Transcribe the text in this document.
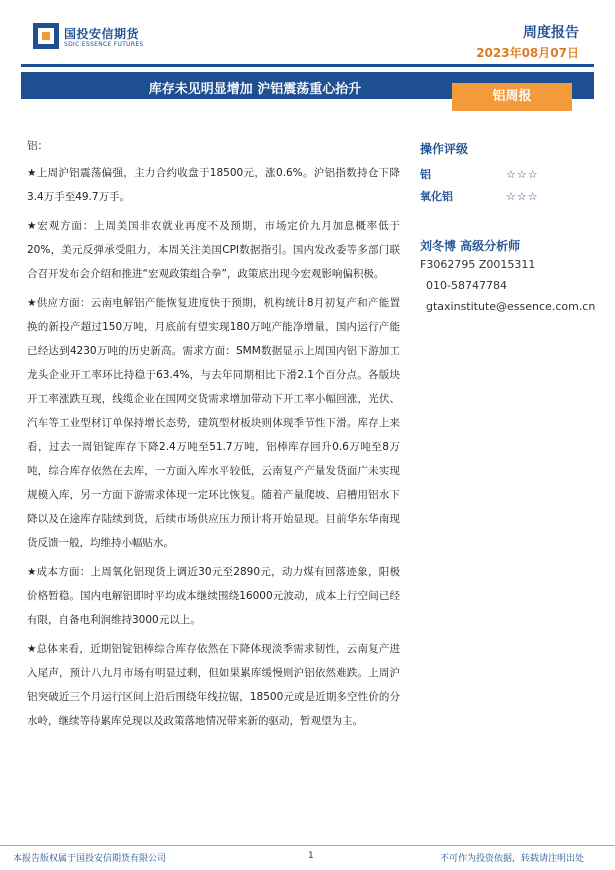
国投安信期货
SDIC ESSENCE FUTURES
周度报告
2023年08月07日
库存未见明显增加 沪铝震荡重心抬升	铝周报

铝：

★上周沪铝震荡偏强，主力合约收盘于18500元，涨0.6%。沪铝指数持仓下降3.4万手至49.7万手。

★宏观方面：上周美国非农就业再度不及预期，市场定价九月加息概率低于20%，美元反弹承受阻力，本周关注美国CPI数据指引。国内发改委等多部门联合召开发布会介绍和推进“宏观政策组合拳”，政策底出现今宏观影响偏积极。

★供应方面：云南电解铝产能恢复进度快于预期，机构统计8月初复产和产能置换的新投产超过150万吨，月底前有望实现180万吨产能净增量，国内运行产能已经达到4230万吨的历史新高。需求方面：SMM数据显示上周国内铝下游加工龙头企业开工率环比持稳于63.4%，与去年同期相比下滑2.1个百分点。各版块开工率涨跌互现，线缆企业在国网交货需求增加带动下开工率小幅回涨，光伏、汽车等工业型材订单保持增长态势，建筑型材板块则体现季节性下滑。库存上来看，过去一周铝锭库存下降2.4万吨至51.7万吨，铝棒库存回升0.6万吨至8万吨，综合库存依然在去库，一方面入库水平较低，云南复产产量发货面广未实现规模入库，另一方面下游需求体现一定环比恢复。随着产量爬坡、启槽用铝水下降以及在途库存陆续到货，后续市场供应压力预计将开始显现。目前华东华南现货反馈一般，均维持小幅贴水。

★成本方面：上周氧化铝现货上调近30元至2890元，动力煤有回落迹象，阳极价格暂稳。国内电解铝即时平均成本继续围绕16000元波动，成本上行空间已经有限，自备电利润维持3000元以上。

★总体来看，近期铝锭铝棒综合库存依然在下降体现淡季需求韧性，云南复产进入尾声，预计八九月市场有明显过剩，但如果累库缓慢则沪铝依然难跌。上周沪铝突破近三个月运行区间上沿后围绕年线拉锯，18500元或是近期多空性价的分水岭，继续等待累库兑现以及政策落地情况带来新的驱动，暂观望为主。

操作评级
铝	☆☆☆
氧化铝	☆☆☆
刘冬博 高级分析师
F3062795 Z0015311
010-58747784
gtaxinstitute@essence.com.cn
本报告版权属于国投安信期货有限公司	1	不可作为投资依据，转载请注明出处
